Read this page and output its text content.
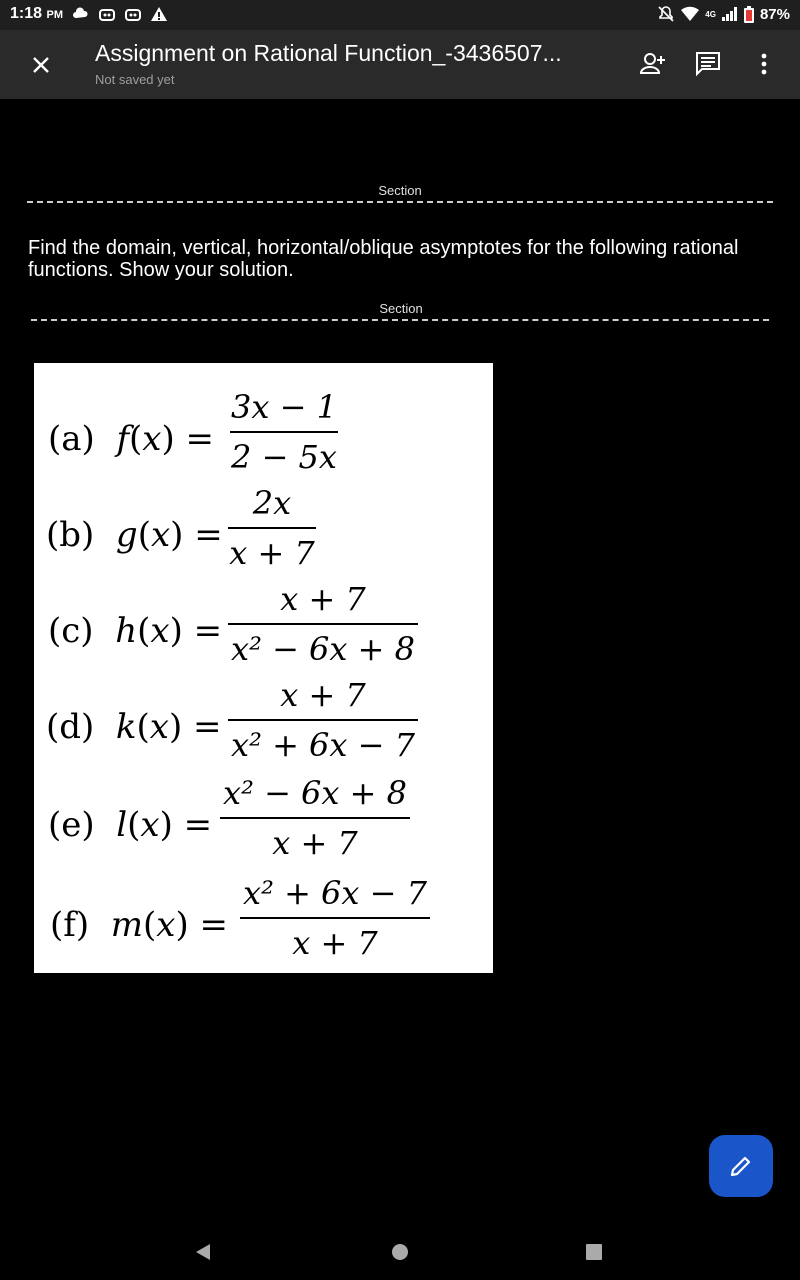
1:18 PM	4G	87%
Assignment on Rational Function_-3436507...
Not saved yet
Section
Find the domain, vertical, horizontal/oblique asymptotes for the following rational functions. Show your solution.
Section
(a) f(x) =
3x − 1
2 − 5x
(b) g(x) =
2x
x + 7
(c) h(x) =
x + 7
x² − 6x + 8
(d) k(x) =
x + 7
x² + 6x − 7
(e) l(x) =
x² − 6x + 8
x + 7
(f) m(x) =
x² + 6x − 7
x + 7
